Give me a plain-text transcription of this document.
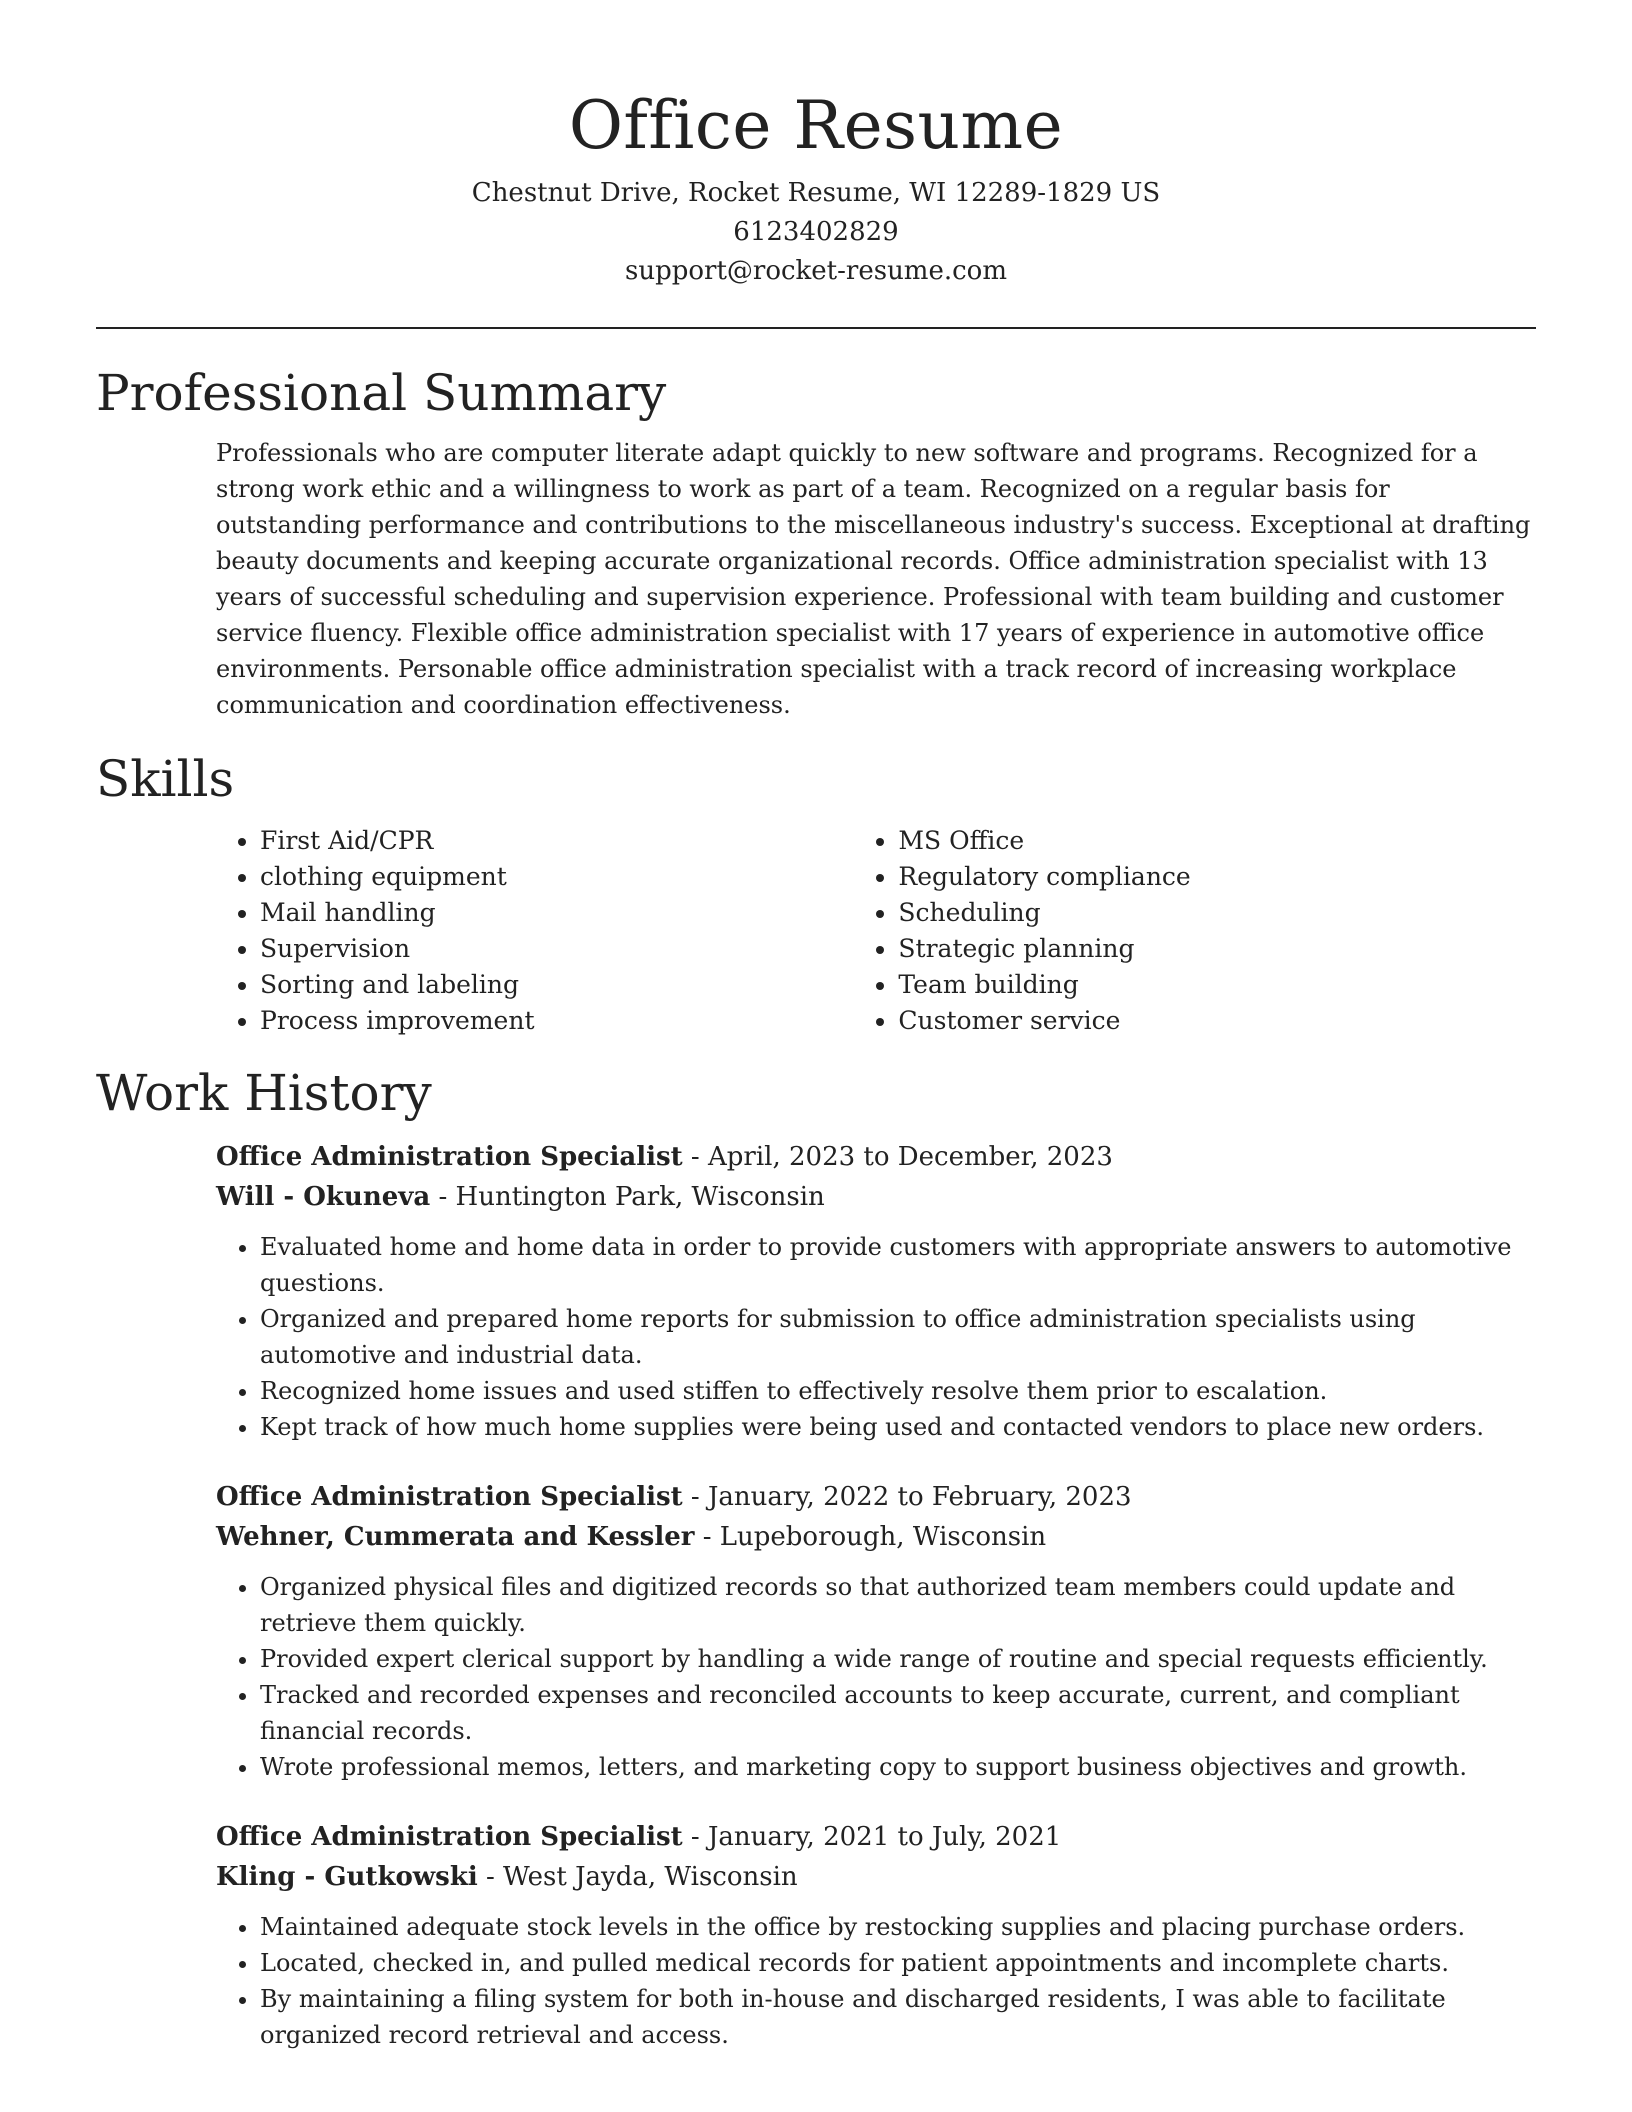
Office Resume
Chestnut Drive, Rocket Resume, WI 12289-1829 US
6123402829
support@rocket-resume.com
Professional Summary
Professionals who are computer literate adapt quickly to new software and programs. Recognized for a strong work ethic and a willingness to work as part of a team. Recognized on a regular basis for outstanding performance and contributions to the miscellaneous industry's success. Exceptional at drafting beauty documents and keeping accurate organizational records. Office administration specialist with 13 years of successful scheduling and supervision experience. Professional with team building and customer service fluency. Flexible office administration specialist with 17 years of experience in automotive office environments. Personable office administration specialist with a track record of increasing workplace communication and coordination effectiveness.
Skills
• First Aid/CPR
• clothing equipment
• Mail handling
• Supervision
• Sorting and labeling
• Process improvement
• MS Office
• Regulatory compliance
• Scheduling
• Strategic planning
• Team building
• Customer service
Work History
Office Administration Specialist - April, 2023 to December, 2023
Will - Okuneva - Huntington Park, Wisconsin
• Evaluated home and home data in order to provide customers with appropriate answers to automotive questions.
• Organized and prepared home reports for submission to office administration specialists using automotive and industrial data.
• Recognized home issues and used stiffen to effectively resolve them prior to escalation.
• Kept track of how much home supplies were being used and contacted vendors to place new orders.
Office Administration Specialist - January, 2022 to February, 2023
Wehner, Cummerata and Kessler - Lupeborough, Wisconsin
• Organized physical files and digitized records so that authorized team members could update and retrieve them quickly.
• Provided expert clerical support by handling a wide range of routine and special requests efficiently.
• Tracked and recorded expenses and reconciled accounts to keep accurate, current, and compliant financial records.
• Wrote professional memos, letters, and marketing copy to support business objectives and growth.
Office Administration Specialist - January, 2021 to July, 2021
Kling - Gutkowski - West Jayda, Wisconsin
• Maintained adequate stock levels in the office by restocking supplies and placing purchase orders.
• Located, checked in, and pulled medical records for patient appointments and incomplete charts.
• By maintaining a filing system for both in-house and discharged residents, I was able to facilitate organized record retrieval and access.
